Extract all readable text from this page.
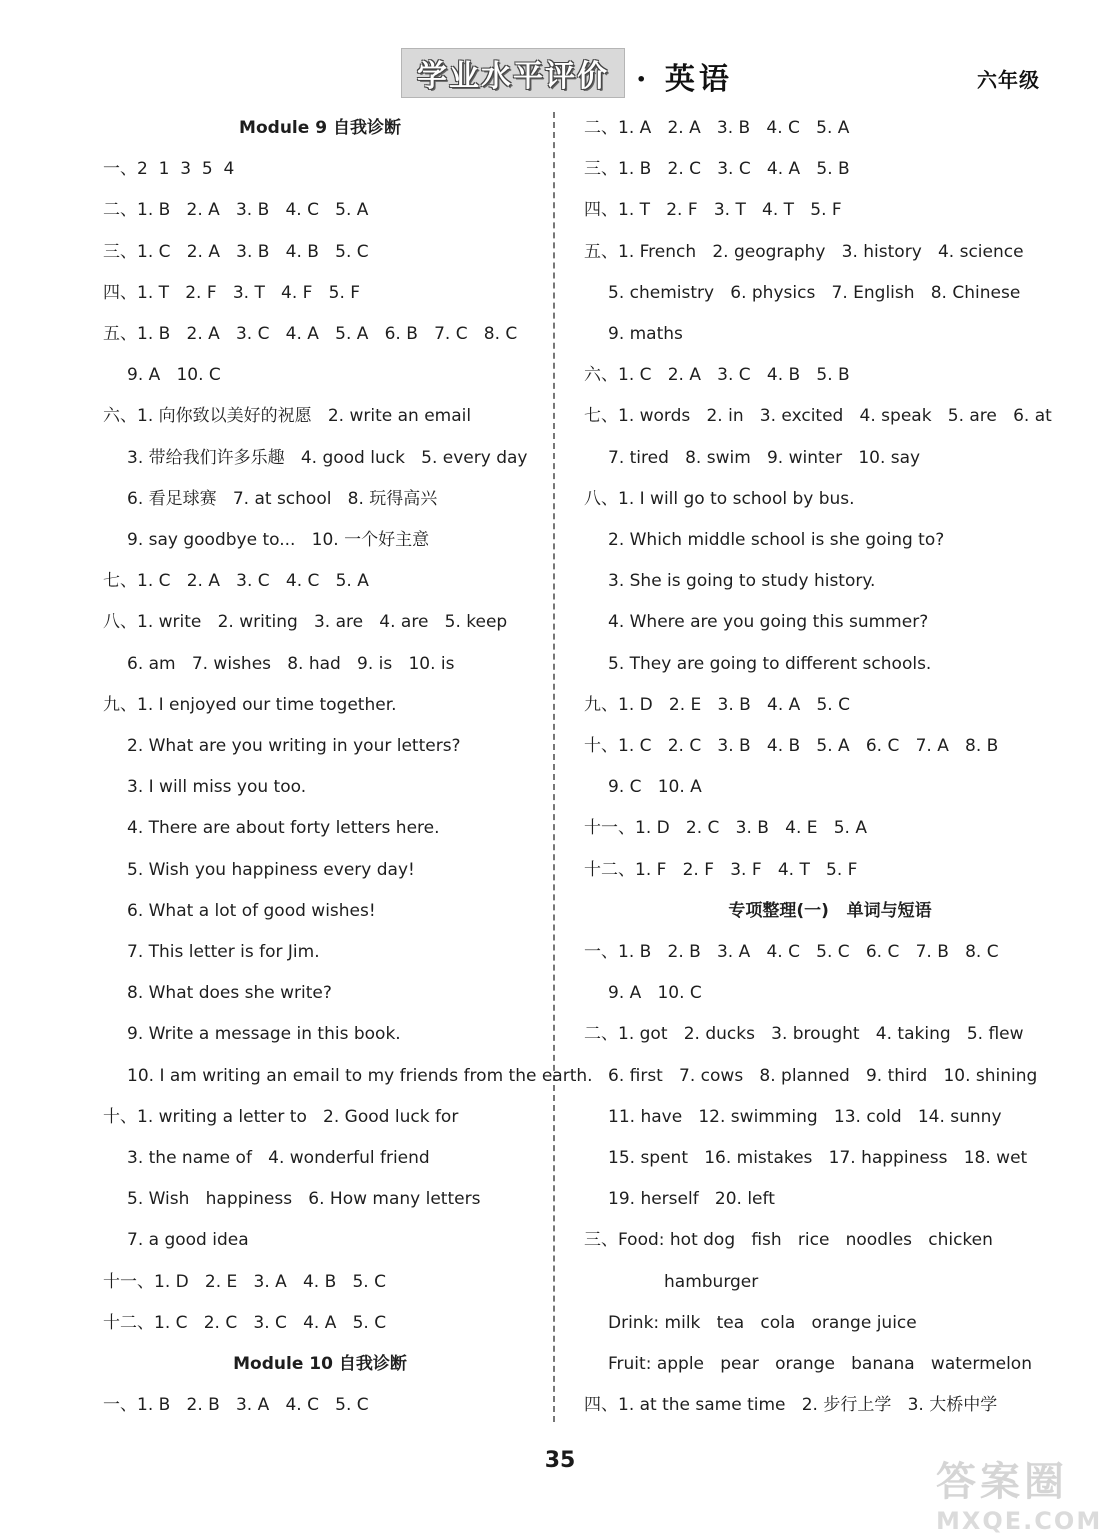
学业水平评价 · 英语	六年级
Module 9 自我诊断
一、2  1  3  5  4
二、1. B   2. A   3. B   4. C   5. A
三、1. C   2. A   3. B   4. B   5. C
四、1. T   2. F   3. T   4. F   5. F
五、1. B   2. A   3. C   4. A   5. A   6. B   7. C   8. C
9. A   10. C
六、1. 向你致以美好的祝愿   2. write an email
3. 带给我们许多乐趣   4. good luck   5. every day
6. 看足球赛   7. at school   8. 玩得高兴
9. say goodbye to...   10. 一个好主意
七、1. C   2. A   3. C   4. C   5. A
八、1. write   2. writing   3. are   4. are   5. keep
6. am   7. wishes   8. had   9. is   10. is
九、1. I enjoyed our time together.
2. What are you writing in your letters?
3. I will miss you too.
4. There are about forty letters here.
5. Wish you happiness every day!
6. What a lot of good wishes!
7. This letter is for Jim.
8. What does she write?
9. Write a message in this book.
10. I am writing an email to my friends from the earth.
十、1. writing a letter to   2. Good luck for
3. the name of   4. wonderful friend
5. Wish   happiness   6. How many letters
7. a good idea
十一、1. D   2. E   3. A   4. B   5. C
十二、1. C   2. C   3. C   4. A   5. C
Module 10 自我诊断
一、1. B   2. B   3. A   4. C   5. C
二、1. A   2. A   3. B   4. C   5. A
三、1. B   2. C   3. C   4. A   5. B
四、1. T   2. F   3. T   4. T   5. F
五、1. French   2. geography   3. history   4. science
5. chemistry   6. physics   7. English   8. Chinese
9. maths
六、1. C   2. A   3. C   4. B   5. B
七、1. words   2. in   3. excited   4. speak   5. are   6. at
7. tired   8. swim   9. winter   10. say
八、1. I will go to school by bus.
2. Which middle school is she going to?
3. She is going to study history.
4. Where are you going this summer?
5. They are going to different schools.
九、1. D   2. E   3. B   4. A   5. C
十、1. C   2. C   3. B   4. B   5. A   6. C   7. A   8. B
9. C   10. A
十一、1. D   2. C   3. B   4. E   5. A
十二、1. F   2. F   3. F   4. T   5. F
专项整理(一)   单词与短语
一、1. B   2. B   3. A   4. C   5. C   6. C   7. B   8. C
9. A   10. C
二、1. got   2. ducks   3. brought   4. taking   5. flew
6. first   7. cows   8. planned   9. third   10. shining
11. have   12. swimming   13. cold   14. sunny
15. spent   16. mistakes   17. happiness   18. wet
19. herself   20. left
三、Food: hot dog   fish   rice   noodles   chicken
hamburger
Drink: milk   tea   cola   orange juice
Fruit: apple   pear   orange   banana   watermelon
四、1. at the same time   2. 步行上学   3. 大桥中学
35	答案圈
MXQE.COM
